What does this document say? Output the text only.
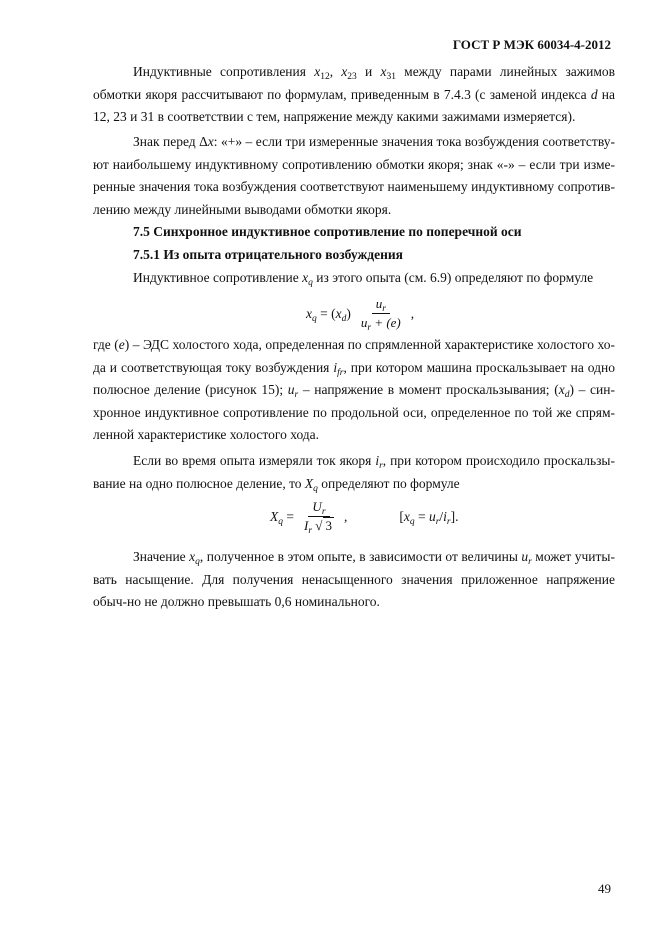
ГОСТ Р МЭК 60034-4-2012

Индуктивные сопротивления $x_{12}$, $x_{23}$ и $x_{31}$ между парами линейных зажимов обмотки якоря рассчитывают по формулам, приведенным в 7.4.3 (с заменой индекса d на 12, 23 и 31 в соответствии с тем, напряжение между какими зажимами измеряется).

Знак перед Δx: «+» – если три измеренные значения тока возбуждения соответству-ют наибольшему индуктивному сопротивлению обмотки якоря; знак «-» – если три изме-ренные значения тока возбуждения соответствуют наименьшему индуктивному сопротив-лению между линейными выводами обмотки якоря.

7.5 Синхронное индуктивное сопротивление по поперечной оси

7.5.1 Из опыта отрицательного возбуждения

Индуктивное сопротивление $x_q$ из этого опыта (см. 6.9) определяют по формуле

$x_q = (x_d) \frac{u_r}{u_r + (e)}$ ,

где (e) – ЭДС холостого хода, определенная по спрямленной характеристике холостого хо-да и соответствующая току возбуждения $i_{fr}$, при котором машина проскальзывает на одно полюсное деление (рисунок 15); $u_r$ – напряжение в момент проскальзывания; $(x_d)$ – син-хронное индуктивное сопротивление по продольной оси, определенное по той же спрям-ленной характеристике холостого хода.

Если во время опыта измеряли ток якоря $i_r$, при котором происходило проскальзы-вание на одно полюсное деление, то $X_q$ определяют по формуле

$X_q = \frac{U_r}{I_r √ 3}$ ,	$[x_q = u_r/i_r]$.

Значение $x_q$, полученное в этом опыте, в зависимости от величины $u_r$ может учиты-вать насыщение. Для получения ненасыщенного значения приложенное напряжение обыч-но не должно превышать 0,6 номинального.

49
